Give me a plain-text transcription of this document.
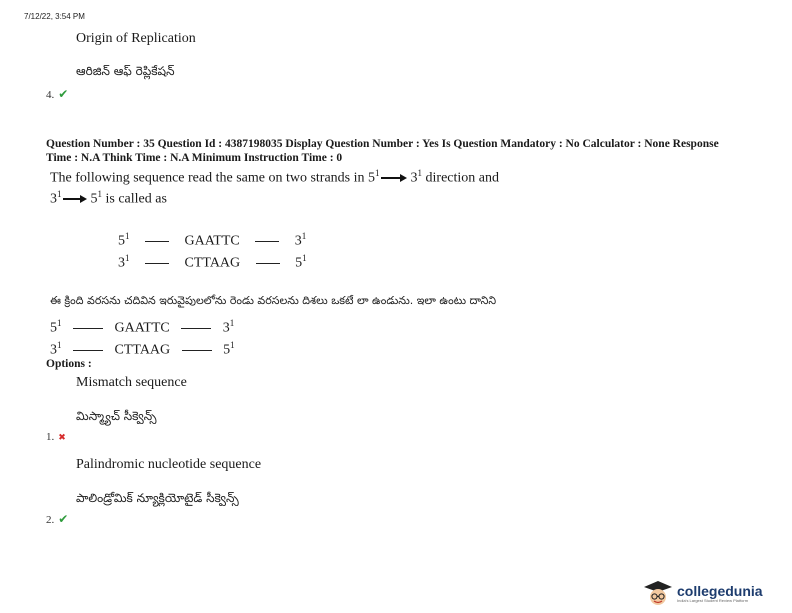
7/12/22, 3:54 PM
Origin of Replication
ఆరిజిన్ ఆఫ్ రెప్లికేషన్
4. ✔
Question Number : 35 Question Id : 4387198035 Display Question Number : Yes Is Question Mandatory : No Calculator : None Response
Time : N.A Think Time : N.A Minimum Instruction Time : 0
The following sequence read the same on two strands in $5^1$ $3^1$ direction and
$3^1$ $5^1$ is called as
$5^1$	GAATTC	$3^1$
$3^1$	CTTAAG	$5^1$
ఈ క్రింది వరసను చదివిన ఇరువైపులలోను రెండు వరసలను దిశలు ఒకటే లా ఉండును. ఇలా ఉంటు దానిని
$5^1$	GAATTC	$3^1$
$3^1$	CTTAAG	$5^1$
Options :
Mismatch sequence
మిస్మ్యాచ్ సీక్వెన్స్
1. ✖
Palindromic nucleotide sequence
పాలిండ్రోమిక్ న్యూక్లియోటైడ్ సీక్వెన్స్
2. ✔
collegedunia
India's Largest Student Review Platform
